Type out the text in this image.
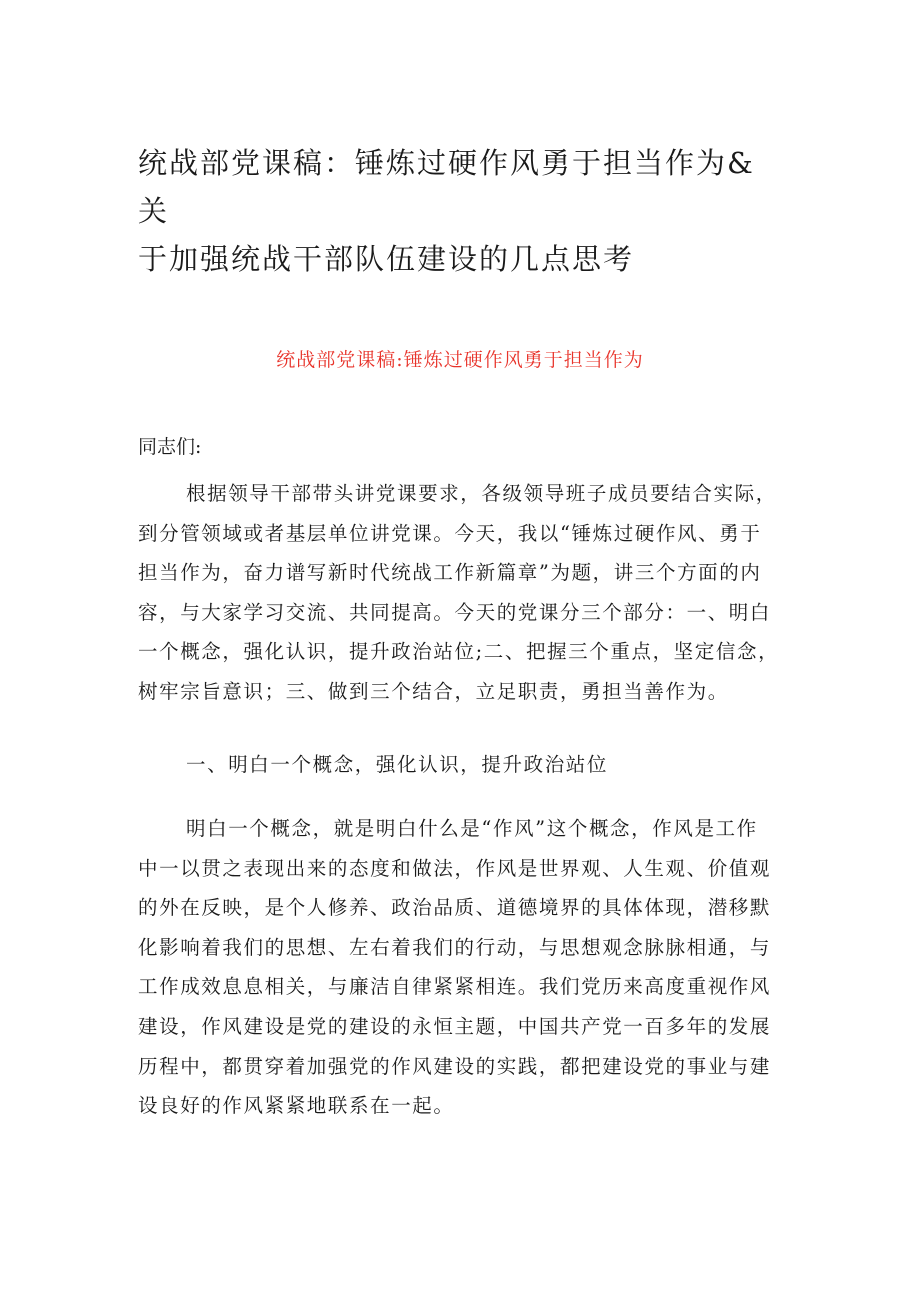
统战部党课稿：锤炼过硬作风勇于担当作为&关
于加强统战干部队伍建设的几点思考

统战部党课稿:锤炼过硬作风勇于担当作为

同志们:

根据领导干部带头讲党课要求，各级领导班子成员要结合实际，
到分管领域或者基层单位讲党课。今天，我以“锤炼过硬作风、勇于
担当作为，奋力谱写新时代统战工作新篇章”为题，讲三个方面的内
容，与大家学习交流、共同提高。今天的党课分三个部分：一、明白
一个概念，强化认识，提升政治站位;二、把握三个重点，坚定信念，
树牢宗旨意识；三、做到三个结合，立足职责，勇担当善作为。
一、明白一个概念，强化认识，提升政治站位
明白一个概念，就是明白什么是“作风”这个概念，作风是工作
中一以贯之表现出来的态度和做法，作风是世界观、人生观、价值观
的外在反映，是个人修养、政治品质、道德境界的具体体现，潜移默
化影响着我们的思想、左右着我们的行动，与思想观念脉脉相通，与
工作成效息息相关，与廉洁自律紧紧相连。我们党历来高度重视作风
建设，作风建设是党的建设的永恒主题，中国共产党一百多年的发展
历程中，都贯穿着加强党的作风建设的实践，都把建设党的事业与建
设良好的作风紧紧地联系在一起。
